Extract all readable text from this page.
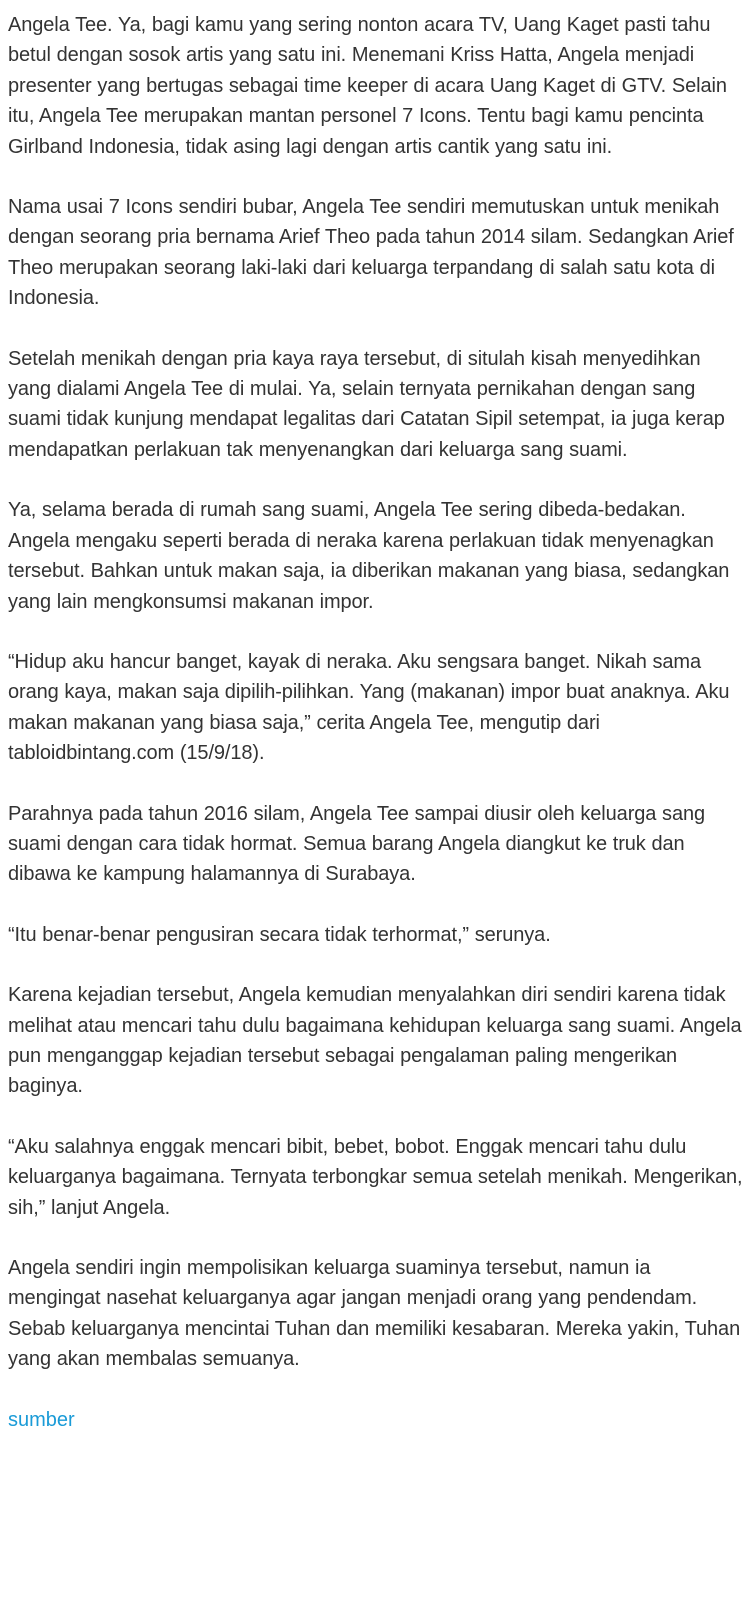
Angela Tee. Ya, bagi kamu yang sering nonton acara TV, Uang Kaget pasti tahu betul dengan sosok artis yang satu ini. Menemani Kriss Hatta, Angela menjadi presenter yang bertugas sebagai time keeper di acara Uang Kaget di GTV. Selain itu, Angela Tee merupakan mantan personel 7 Icons. Tentu bagi kamu pencinta Girlband Indonesia, tidak asing lagi dengan artis cantik yang satu ini.

Nama usai 7 Icons sendiri bubar, Angela Tee sendiri memutuskan untuk menikah dengan seorang pria bernama Arief Theo pada tahun 2014 silam. Sedangkan Arief Theo merupakan seorang laki-laki dari keluarga terpandang di salah satu kota di Indonesia.

Setelah menikah dengan pria kaya raya tersebut, di situlah kisah menyedihkan yang dialami Angela Tee di mulai. Ya, selain ternyata pernikahan dengan sang suami tidak kunjung mendapat legalitas dari Catatan Sipil setempat, ia juga kerap mendapatkan perlakuan tak menyenangkan dari keluarga sang suami.

Ya, selama berada di rumah sang suami, Angela Tee sering dibeda-bedakan. Angela mengaku seperti berada di neraka karena perlakuan tidak menyenagkan tersebut. Bahkan untuk makan saja, ia diberikan makanan yang biasa, sedangkan yang lain mengkonsumsi makanan impor.

“Hidup aku hancur banget, kayak di neraka. Aku sengsara banget. Nikah sama orang kaya, makan saja dipilih-pilihkan. Yang (makanan) impor buat anaknya. Aku makan makanan yang biasa saja,” cerita Angela Tee, mengutip dari tabloidbintang.com (15/9/18).

Parahnya pada tahun 2016 silam, Angela Tee sampai diusir oleh keluarga sang suami dengan cara tidak hormat. Semua barang Angela diangkut ke truk dan dibawa ke kampung halamannya di Surabaya.

“Itu benar-benar pengusiran secara tidak terhormat,” serunya.

Karena kejadian tersebut, Angela kemudian menyalahkan diri sendiri karena tidak melihat atau mencari tahu dulu bagaimana kehidupan keluarga sang suami. Angela pun menganggap kejadian tersebut sebagai pengalaman paling mengerikan baginya.

“Aku salahnya enggak mencari bibit, bebet, bobot. Enggak mencari tahu dulu keluarganya bagaimana. Ternyata terbongkar semua setelah menikah. Mengerikan, sih,” lanjut Angela.

Angela sendiri ingin mempolisikan keluarga suaminya tersebut, namun ia mengingat nasehat keluarganya agar jangan menjadi orang yang pendendam. Sebab keluarganya mencintai Tuhan dan memiliki kesabaran. Mereka yakin, Tuhan yang akan membalas semuanya.

sumber
